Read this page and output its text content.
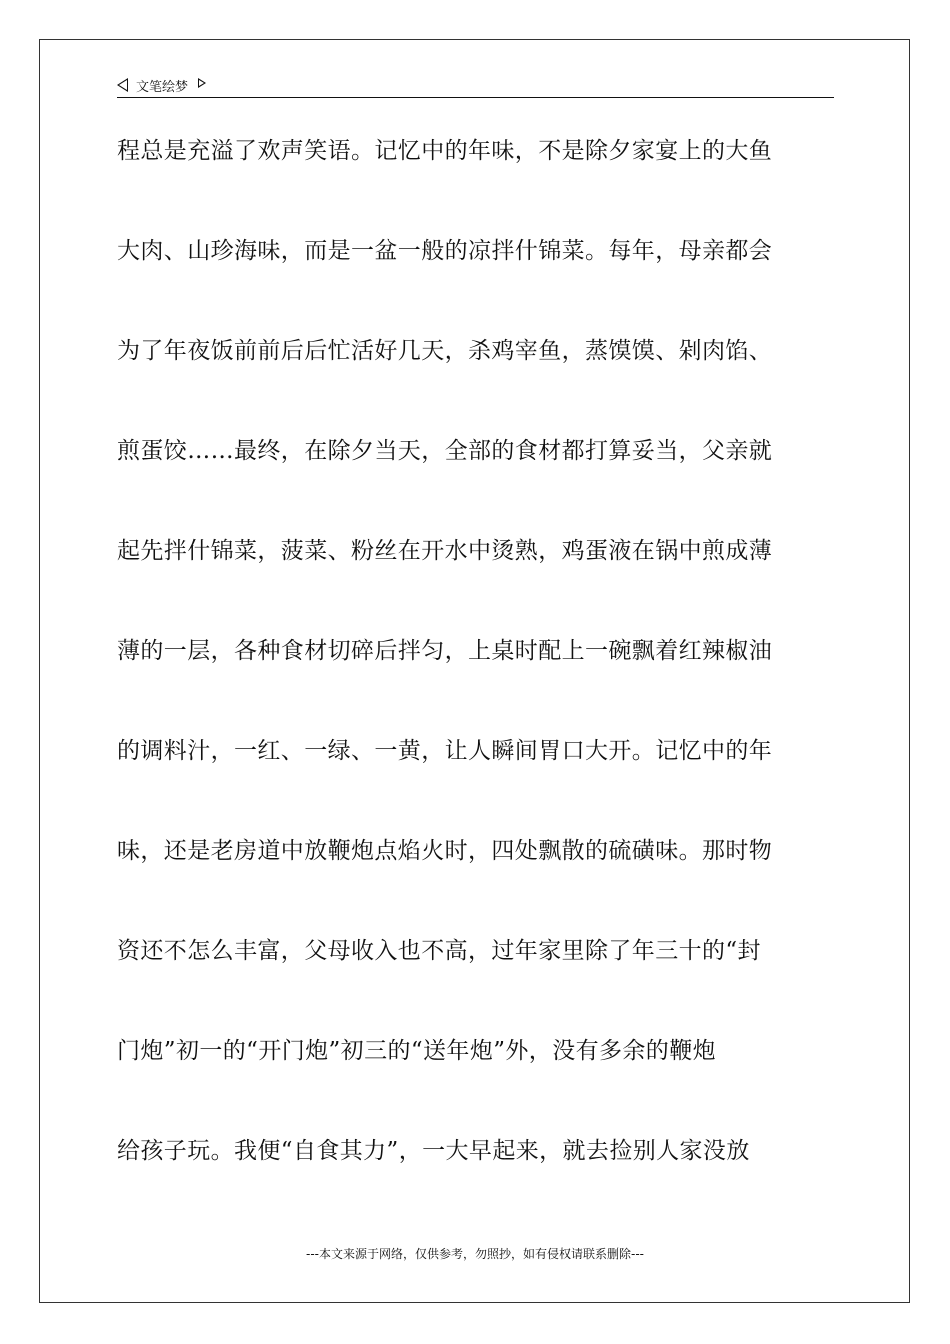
文笔绘梦
程总是充溢了欢声笑语。记忆中的年味，不是除夕家宴上的大鱼
大肉、山珍海味，而是一盆一般的凉拌什锦菜。每年，母亲都会
为了年夜饭前前后后忙活好几天，杀鸡宰鱼，蒸馍馍、剁肉馅、
煎蛋饺……最终，在除夕当天，全部的食材都打算妥当，父亲就
起先拌什锦菜，菠菜、粉丝在开水中烫熟，鸡蛋液在锅中煎成薄
薄的一层，各种食材切碎后拌匀，上桌时配上一碗飘着红辣椒油
的调料汁，一红、一绿、一黄，让人瞬间胃口大开。记忆中的年
味，还是老房道中放鞭炮点焰火时，四处飘散的硫磺味。那时物
资还不怎么丰富，父母收入也不高，过年家里除了年三十的“封
门炮”初一的“开门炮”初三的“送年炮”外，没有多余的鞭炮
给孩子玩。我便“自食其力”，一大早起来，就去捡别人家没放
---本文来源于网络，仅供参考，勿照抄，如有侵权请联系删除---
